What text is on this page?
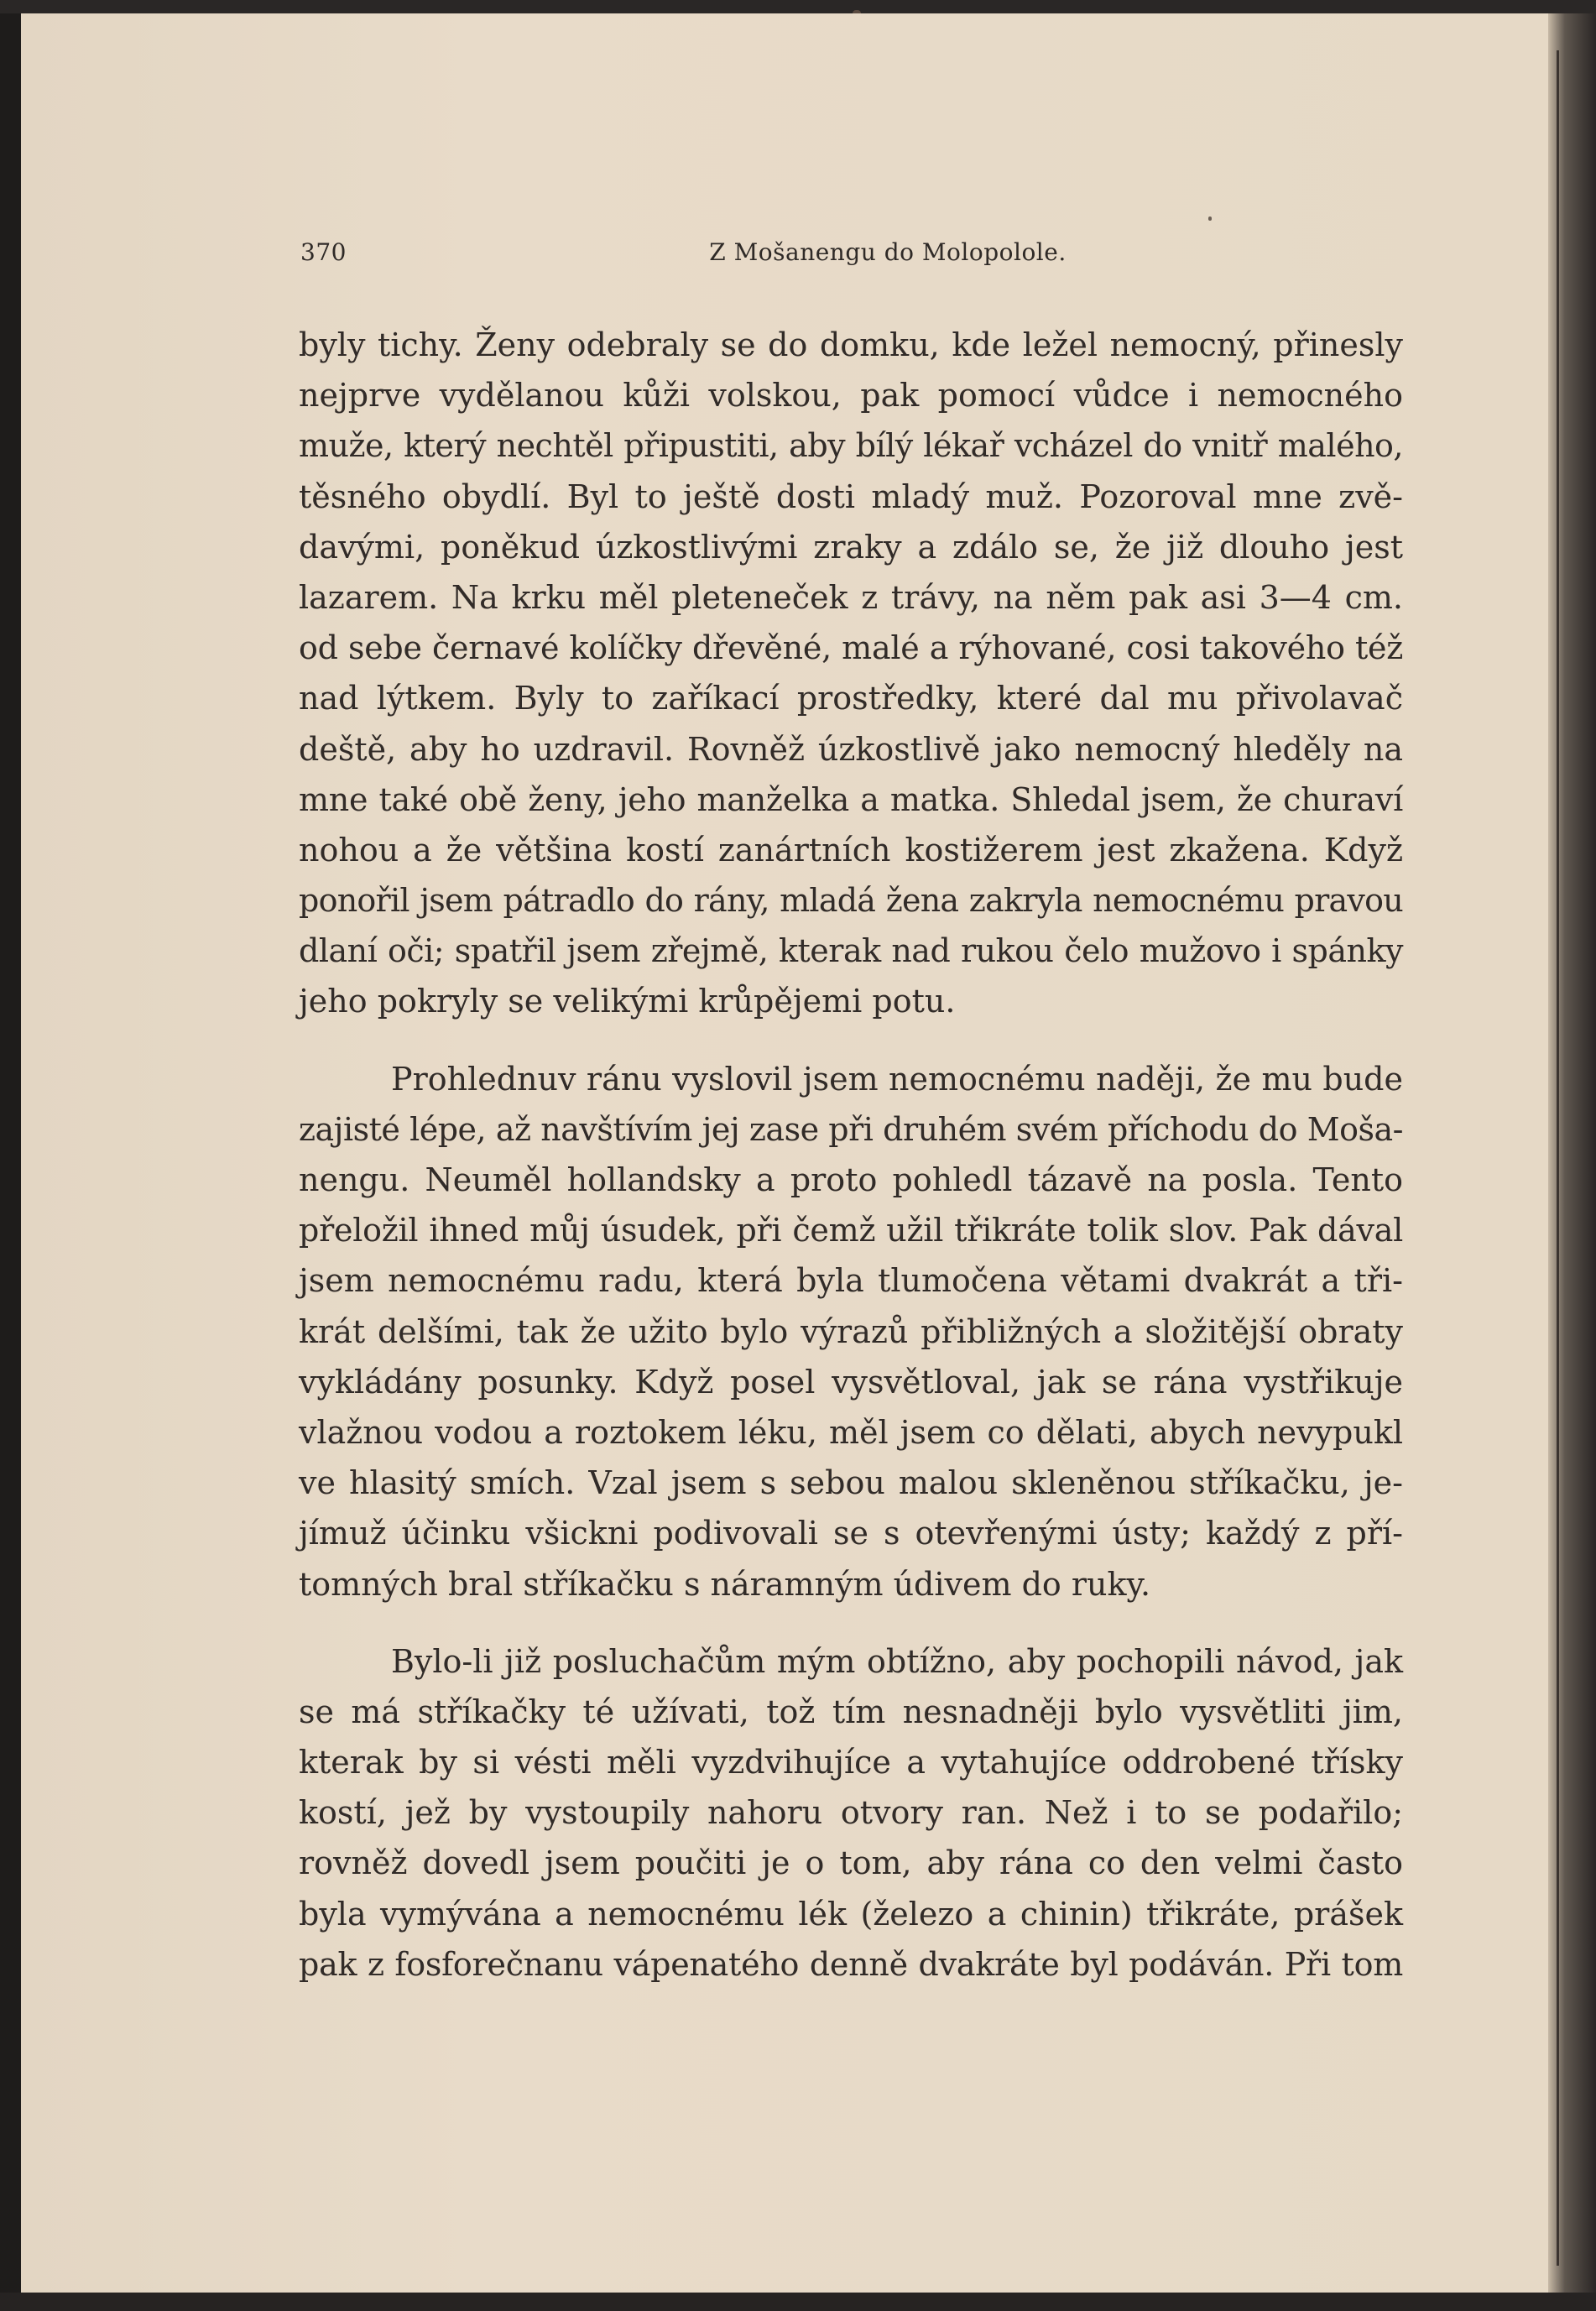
370	Z Mošanengu do Molopolole.
byly tichy. Ženy odebraly se do domku, kde ležel nemocný, přinesly
nejprve vydělanou kůži volskou, pak pomocí vůdce i nemocného
muže, který nechtěl připustiti, aby bílý lékař vcházel do vnitř malého,
těsného obydlí. Byl to ještě dosti mladý muž. Pozoroval mne zvě-
davými, poněkud úzkostlivými zraky a zdálo se, že již dlouho jest
lazarem. Na krku měl pleteneček z trávy, na něm pak asi 3—4 cm.
od sebe černavé kolíčky dřevěné, malé a rýhované, cosi takového též
nad lýtkem. Byly to zaříkací prostředky, které dal mu přivolavač
deště, aby ho uzdravil. Rovněž úzkostlivě jako nemocný hleděly na
mne také obě ženy, jeho manželka a matka. Shledal jsem, že churaví
nohou a že většina kostí zanártních kostižerem jest zkažena. Když
ponořil jsem pátradlo do rány, mladá žena zakryla nemocnému pravou
dlaní oči; spatřil jsem zřejmě, kterak nad rukou čelo mužovo i spánky
jeho pokryly se velikými krůpějemi potu.
Prohlednuv ránu vyslovil jsem nemocnému naději, že mu bude
zajisté lépe, až navštívím jej zase při druhém svém příchodu do Moša-
nengu. Neuměl hollandsky a proto pohledl tázavě na posla. Tento
přeložil ihned můj úsudek, při čemž užil třikráte tolik slov. Pak dával
jsem nemocnému radu, která byla tlumočena větami dvakrát a tři-
krát delšími, tak že užito bylo výrazů přibližných a složitější obraty
vykládány posunky. Když posel vysvětloval, jak se rána vystřikuje
vlažnou vodou a roztokem léku, měl jsem co dělati, abych nevypukl
ve hlasitý smích. Vzal jsem s sebou malou skleněnou stříkačku, je-
jímuž účinku všickni podivovali se s otevřenými ústy; každý z pří-
tomných bral stříkačku s náramným údivem do ruky.
Bylo-li již posluchačům mým obtížno, aby pochopili návod, jak
se má stříkačky té užívati, tož tím nesnadněji bylo vysvětliti jim,
kterak by si vésti měli vyzdvihujíce a vytahujíce oddrobené třísky
kostí, jež by vystoupily nahoru otvory ran. Než i to se podařilo;
rovněž dovedl jsem poučiti je o tom, aby rána co den velmi často
byla vymývána a nemocnému lék (železo a chinin) třikráte, prášek
pak z fosforečnanu vápenatého denně dvakráte byl podáván. Při tom
